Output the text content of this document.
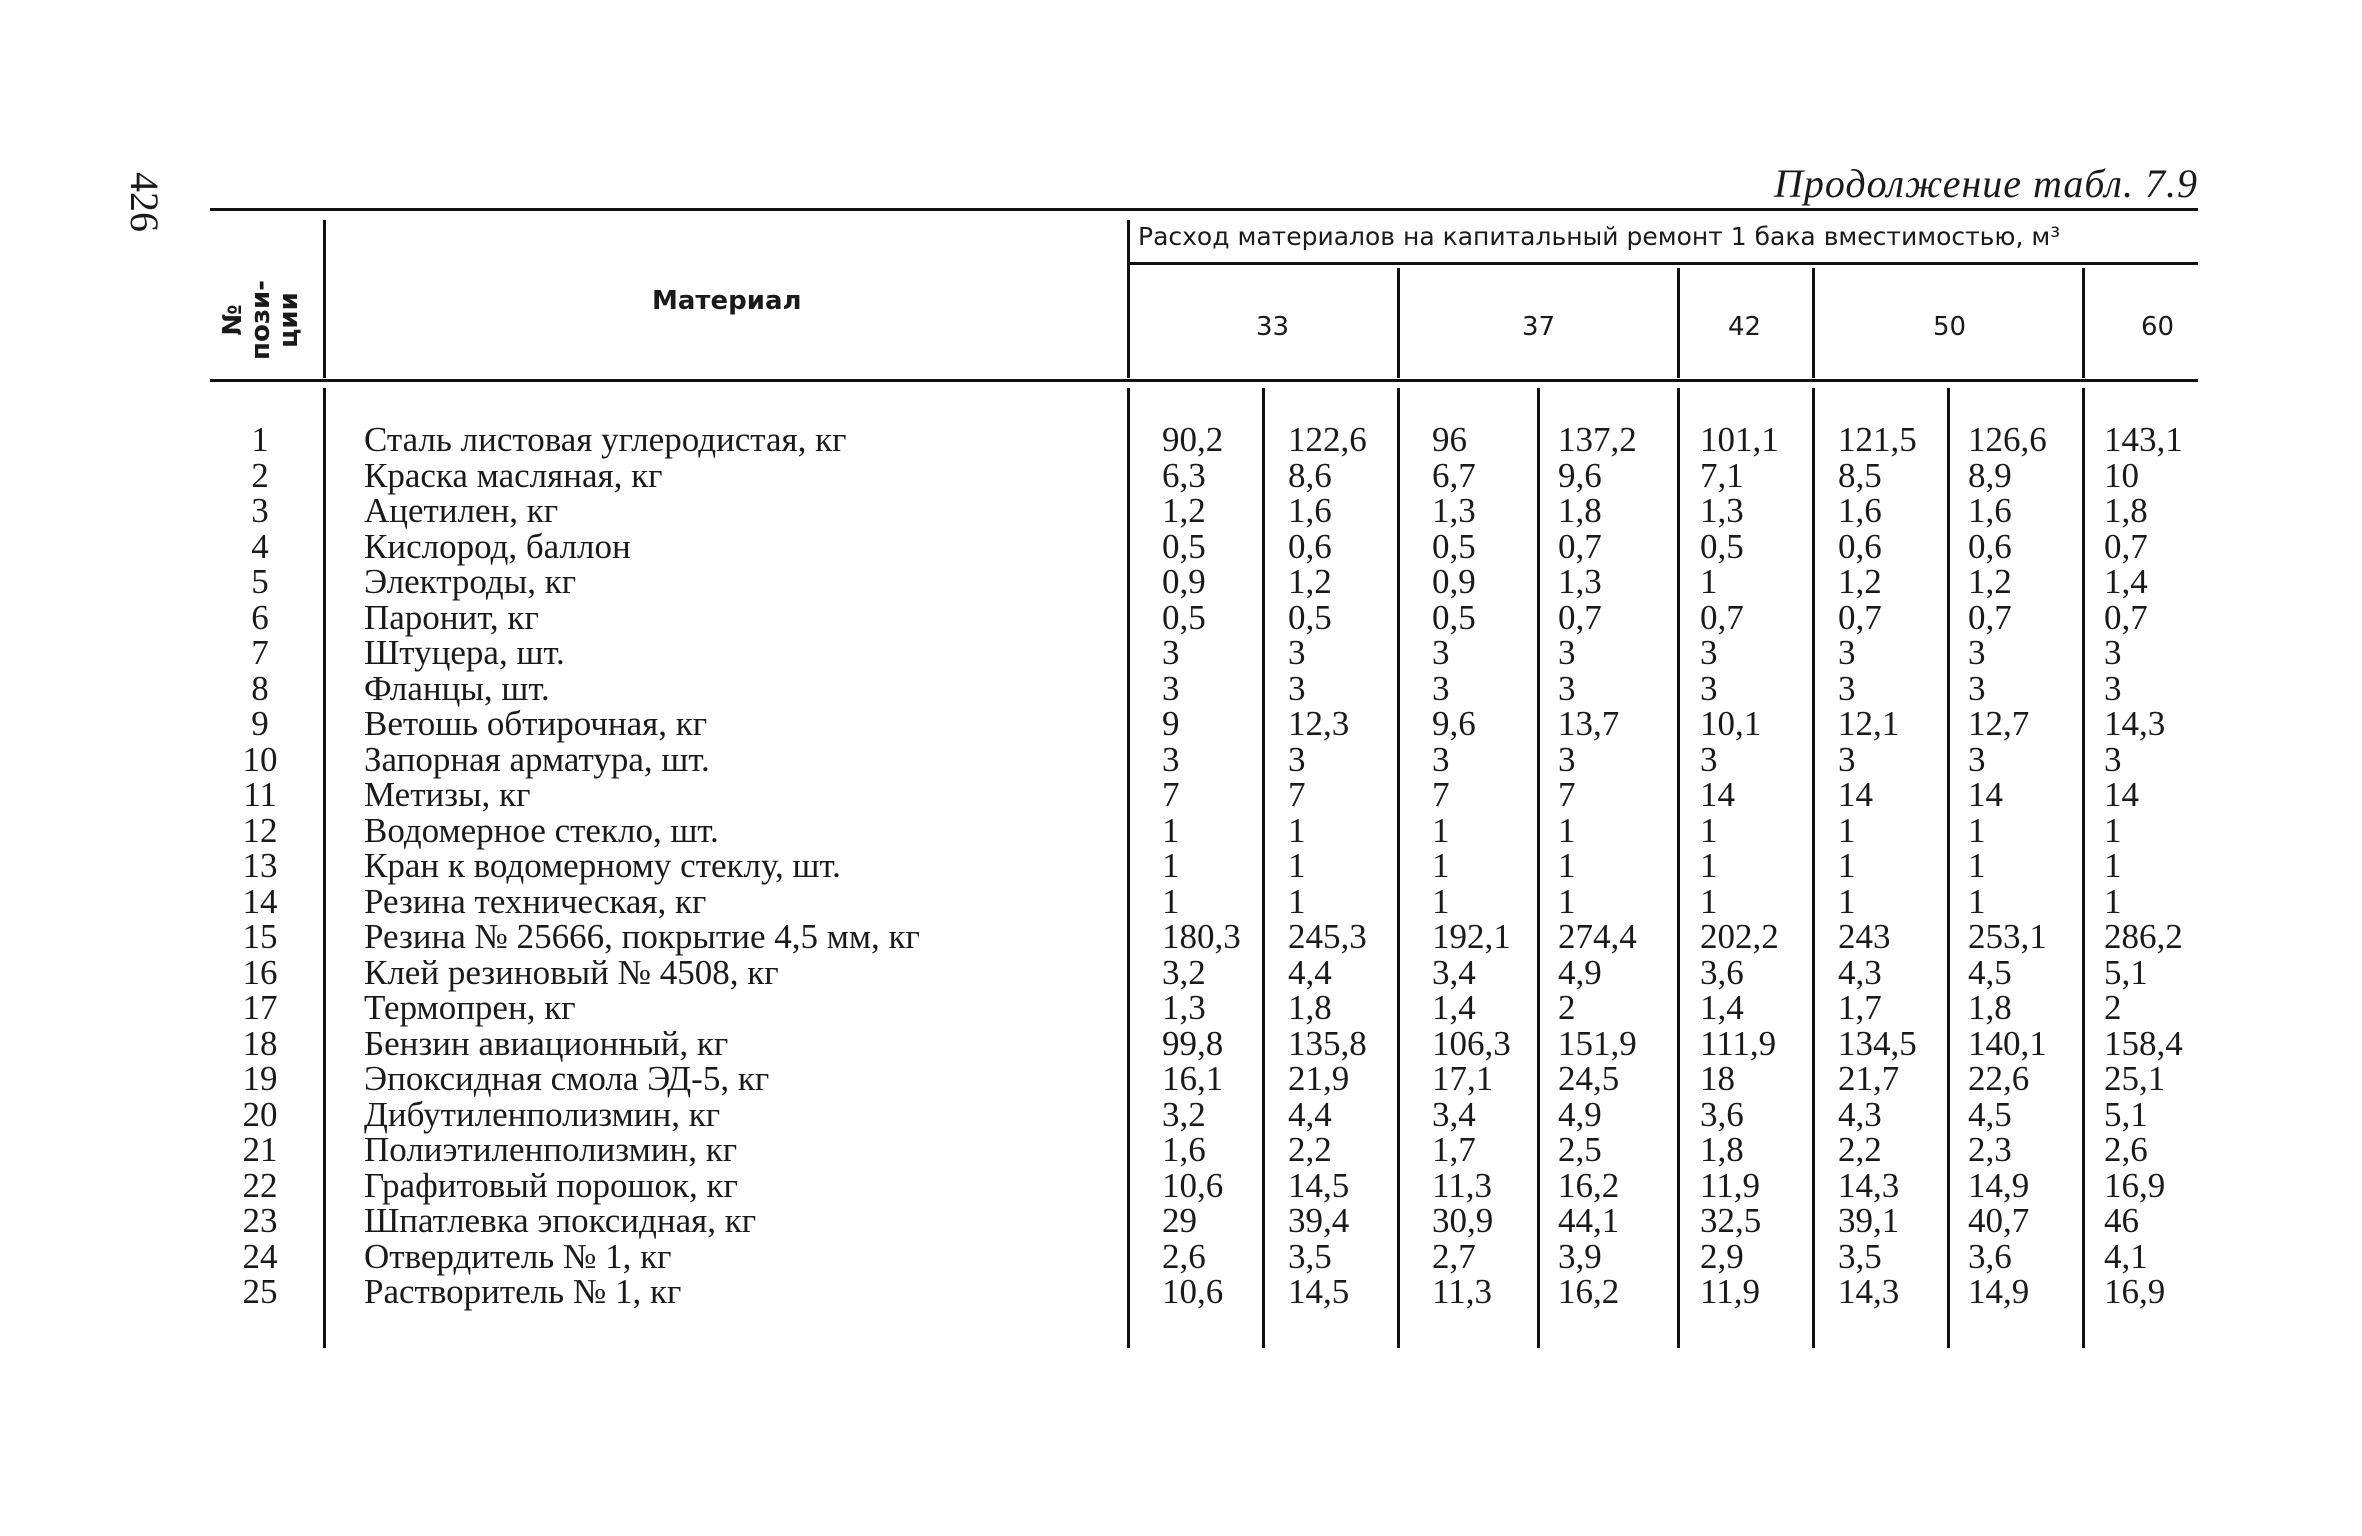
426	Продолжение табл. 7.9
№ пози- ции	Материал
Расход материалов на капитальный ремонт 1 бака вместимостью, м³
33	37	42	50	60
1	Сталь листовая углеродистая, кг	90,2 122,6 96	137,2 101,1 121,5 126,6 143,1
2	Краска масляная, кг	6,3 8,6	6,7 9,6	7,1	8,5 8,9	10
3	Ацетилен, кг	1,2 1,6	1,3 1,8	1,3	1,6 1,6	1,8
4	Кислород, баллон	0,5 0,6	0,5 0,7	0,5	0,6 0,6	0,7
5	Электроды, кг	0,9 1,2	0,9 1,3	1	1,2 1,2	1,4
6	Паронит, кг	0,5 0,5	0,5 0,7	0,7	0,7 0,7	0,7
7	Штуцера, шт.	3	3	3	3	3	3	3	3
8	Фланцы, шт.	3	3	3	3	3	3	3	3
9	Ветошь обтирочная, кг	9	12,3 9,6 13,7 10,1 12,1 12,7 14,3
10	Запорная арматура, шт.	3	3	3	3	3	3	3	3
11	Метизы, кг	7	7	7	7	14	14	14	14
12	Водомерное стекло, шт.	1	1	1	1	1	1	1	1
13	Кран к водомерному стеклу, шт.	1	1	1	1	1	1	1	1
14	Резина техническая, кг	1	1	1	1	1	1	1	1
15	Резина № 25666, покрытие 4,5 мм, кг	180,3 245,3 192,1 274,4 202,2 243 253,1 286,2
16	Клей резиновый № 4508, кг	3,2 4,4	3,4 4,9	3,6	4,3 4,5	5,1
17	Термопрен, кг	1,3 1,8	1,4 2	1,4	1,7 1,8	2
18	Бензин авиационный, кг	99,8 135,8 106,3 151,9 111,9 134,5 140,1 158,4
19	Эпоксидная смола ЭД-5, кг	16,1 21,9 17,1 24,5 18	21,7 22,6 25,1
20	Дибутиленполизмин, кг	3,2 4,4	3,4 4,9	3,6	4,3 4,5	5,1
21	Полиэтиленполизмин, кг	1,6 2,2	1,7 2,5	1,8	2,2 2,3	2,6
22	Графитовый порошок, кг	10,6 14,5 11,3 16,2 11,9 14,3 14,9 16,9
23	Шпатлевка эпоксидная, кг	29	39,4 30,9 44,1 32,5 39,1 40,7 46
24	Отвердитель № 1, кг	2,6 3,5	2,7 3,9	2,9	3,5 3,6	4,1
25	Растворитель № 1, кг	10,6 14,5 11,3 16,2 11,9 14,3 14,9 16,9
